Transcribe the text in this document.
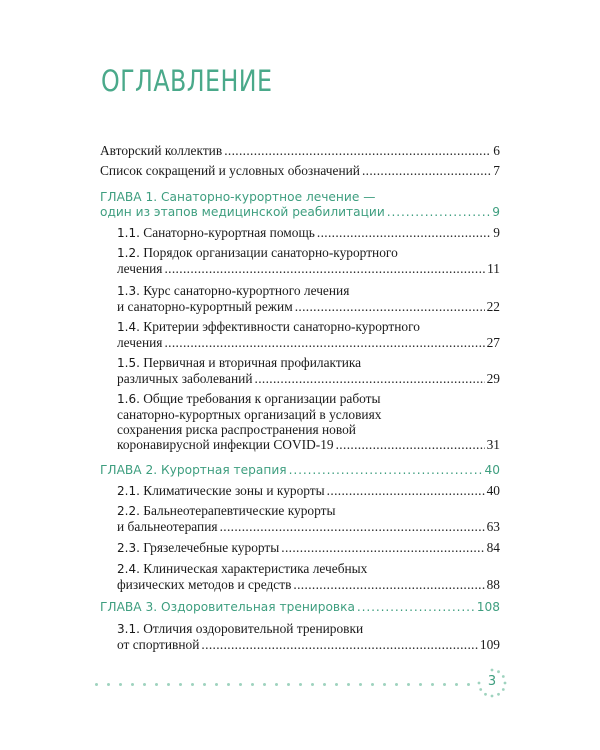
ОГЛАВЛЕНИЕ
Авторский коллектив . . .	6
Список сокращений и условных обозначений . . .	7
ГЛАВА 1.
Санаторно-курортное лечение —
один из этапов медицинской реабилитации . . .	9
1.1.
Санаторно-курортная помощь . . .	9
1.2.
Порядок организации санаторно-курортного
лечения . . .	11
1.3.
Курс санаторно-курортного лечения
и санаторно-курортный режим . . .	22
1.4.
Критерии эффективности санаторно-курортного
лечения . . .	27
1.5.
Первичная и вторичная профилактика
различных заболеваний . . .	29
1.6.
Общие требования к организации работы
санаторно-курортных организаций в условиях
сохранения риска распространения новой
коронавирусной инфекции COVID-19 . . .	31
ГЛАВА 2.
Курортная терапия . . .	40
2.1.
Климатические зоны и курорты . . .	40
2.2.
Бальнеотерапевтические курорты
и бальнеотерапия . . .	63
2.3.
Грязелечебные курорты . . .	84
2.4.
Клиническая характеристика лечебных
физических методов и средств . . .	88
ГЛАВА 3.
Оздоровительная тренировка . . .	108
3.1.
Отличия оздоровительной тренировки
от спортивной . . .	109
3
